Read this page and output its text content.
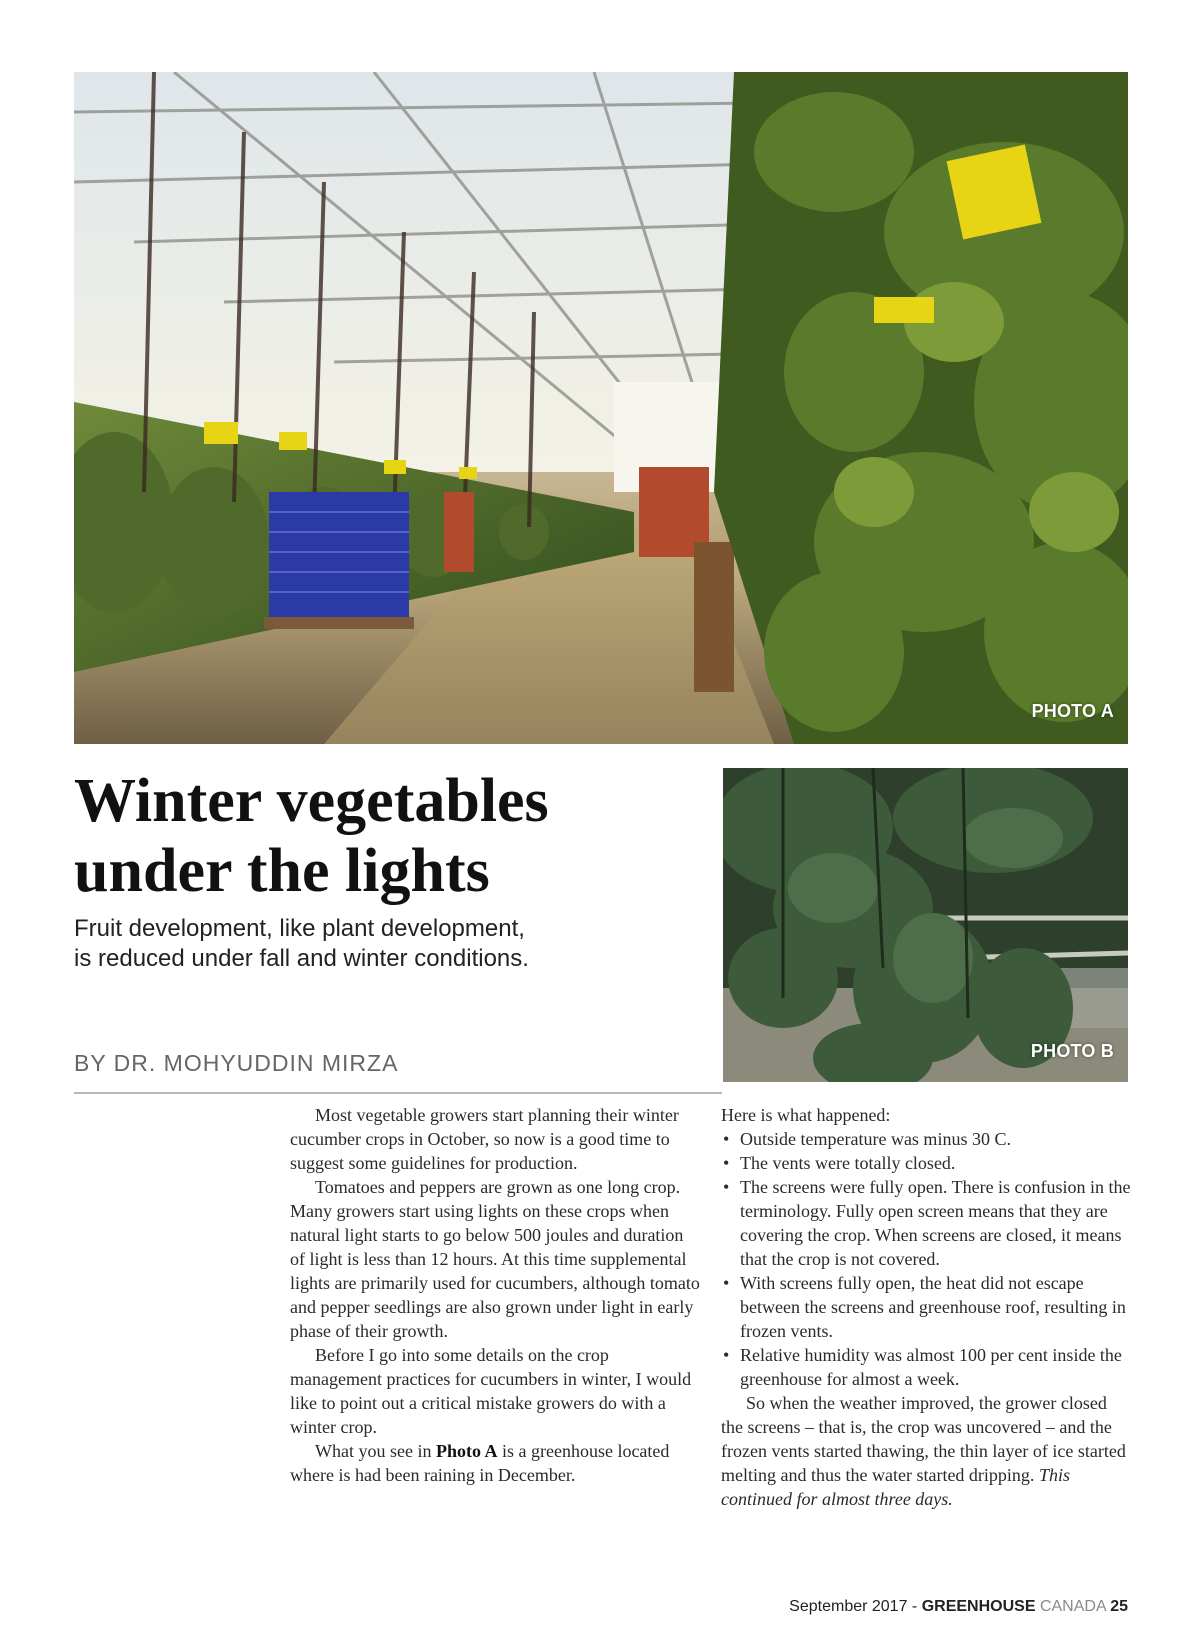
PHOTO A
PHOTO B
Winter vegetables
under the lights
Fruit development, like plant development,
is reduced under fall and winter conditions.
BY DR. MOHYUDDIN MIRZA

Most vegetable growers start planning their winter cucumber crops in October, so now is a good time to suggest some guidelines for production.

Tomatoes and peppers are grown as one long crop. Many growers start using lights on these crops when natural light starts to go below 500 joules and duration of light is less than 12 hours. At this time supplemental lights are primarily used for cucumbers, although tomato and pepper seedlings are also grown under light in early phase of their growth.

Before I go into some details on the crop management practices for cucumbers in winter, I would like to point out a critical mistake growers do with a winter crop.

What you see in Photo A is a greenhouse located where is had been raining in December.

Here is what happened:

• Outside temperature was minus 30 C.
• The vents were totally closed.
• The screens were fully open. There is confusion in the terminology. Fully open screen means that they are covering the crop. When screens are closed, it means that the crop is not covered.
• With screens fully open, the heat did not escape between the screens and greenhouse roof, resulting in frozen vents.
• Relative humidity was almost 100 per cent inside the greenhouse for almost a week.

So when the weather improved, the grower closed the screens – that is, the crop was uncovered – and the frozen vents started thawing, the thin layer of ice started melting and thus the water started dripping. This continued for almost three days.

September 2017 - GREENHOUSE CANADA 25
